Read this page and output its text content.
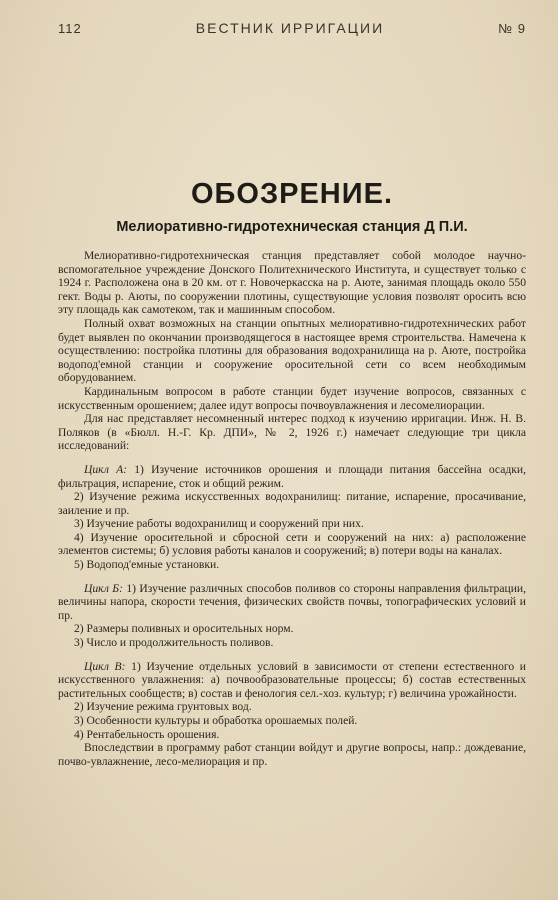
112	ВЕСТНИК ИРРИГАЦИИ	№ 9
ОБОЗРЕНИЕ.
Мелиоративно-гидротехническая станция Д П.И.

Мелиоративно-гидротехническая станция представляет собой молодое научно-вспомогательное учреждение Донского Политехнического Института, и существует только с 1924 г. Расположена она в 20 км. от г. Новочеркасска на р. Аюте, занимая площадь около 550 гект. Воды р. Аюты, по сооружении плотины, существующие условия позволят оросить всю эту площадь как самотеком, так и машинным способом.

Полный охват возможных на станции опытных мелиоративно-гидротехнических работ будет выявлен по окончании производящегося в настоящее время строительства. Намечена к осуществлению: постройка плотины для образования водохранилища на р. Аюте, постройка водопод'емной станции и сооружение оросительной сети со всем необходимым оборудованием.

Кардинальным вопросом в работе станции будет изучение вопросов, связанных с искусственным орошением; далее идут вопросы почвоувлажнения и лесомелиорации.

Для нас представляет несомненный интерес подход к изучению ирригации. Инж. Н. В. Поляков (в «Бюлл. Н.-Г. Кр. ДПИ», № 2, 1926 г.) намечает следующие три цикла исследований:

Цикл А: 1) Изучение источников орошения и площади питания бассейна осадки, фильтрация, испарение, сток и общий режим.

2) Изучение режима искусственных водохранилищ: питание, испарение, просачивание, заиление и пр.

3) Изучение работы водохранилищ и сооружений при них.

4) Изучение оросительной и сбросной сети и сооружений на них: а) расположение элементов системы; б) условия работы каналов и сооружений; в) потери воды на каналах.

5) Водопод'емные установки.

Цикл Б: 1) Изучение различных способов поливов со стороны направления фильтрации, величины напора, скорости течения, физических свойств почвы, топографических условий и пр.

2) Размеры поливных и оросительных норм.

3) Число и продолжительность поливов.

Цикл В: 1) Изучение отдельных условий в зависимости от степени естественного и искусственного увлажнения: а) почвообразовательные процессы; б) состав естественных растительных сообществ; в) состав и фенология сел.-хоз. культур; г) величина урожайности.

2) Изучение режима грунтовых вод.

3) Особенности культуры и обработка орошаемых полей.

4) Рентабельность орошения.

Впоследствии в программу работ станции войдут и другие вопросы, напр.: дождевание, почво-увлажнение, лесо-мелиорация и пр.
